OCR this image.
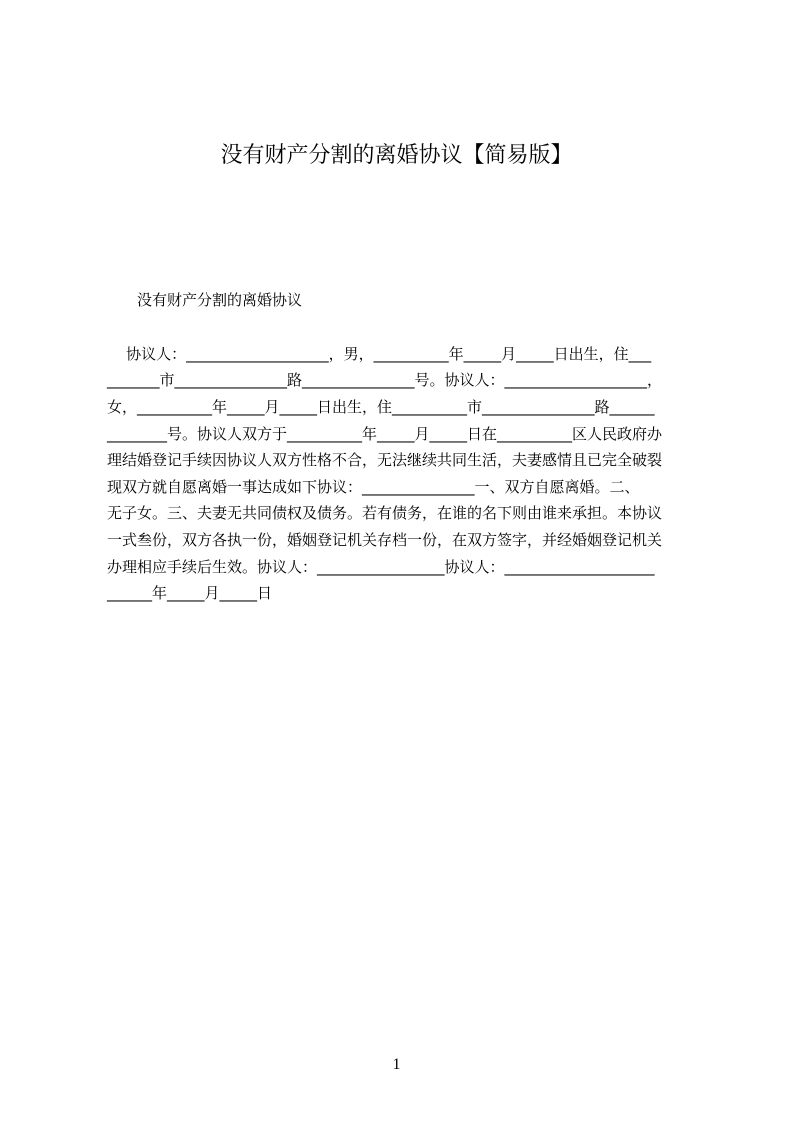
没有财产分割的离婚协议【简易版】

没有财产分割的离婚协议

协议人：___________________，男，__________年_____月_____日出生，住___

_______市_______________路_______________号。协议人：___________________，

女，__________年_____月_____日出生，住__________市_______________路______

________号。协议人双方于__________年_____月_____日在__________区人民政府办

理结婚登记手续因协议人双方性格不合，无法继续共同生活，夫妻感情且已完全破裂

现双方就自愿离婚一事达成如下协议：_______________一、双方自愿离婚。二、

无子女。三、夫妻无共同债权及债务。若有债务，在谁的名下则由谁来承担。本协议

一式叁份，双方各执一份，婚姻登记机关存档一份，在双方签字，并经婚姻登记机关

办理相应手续后生效。协议人：_________________协议人：____________________

______年_____月_____日

1
